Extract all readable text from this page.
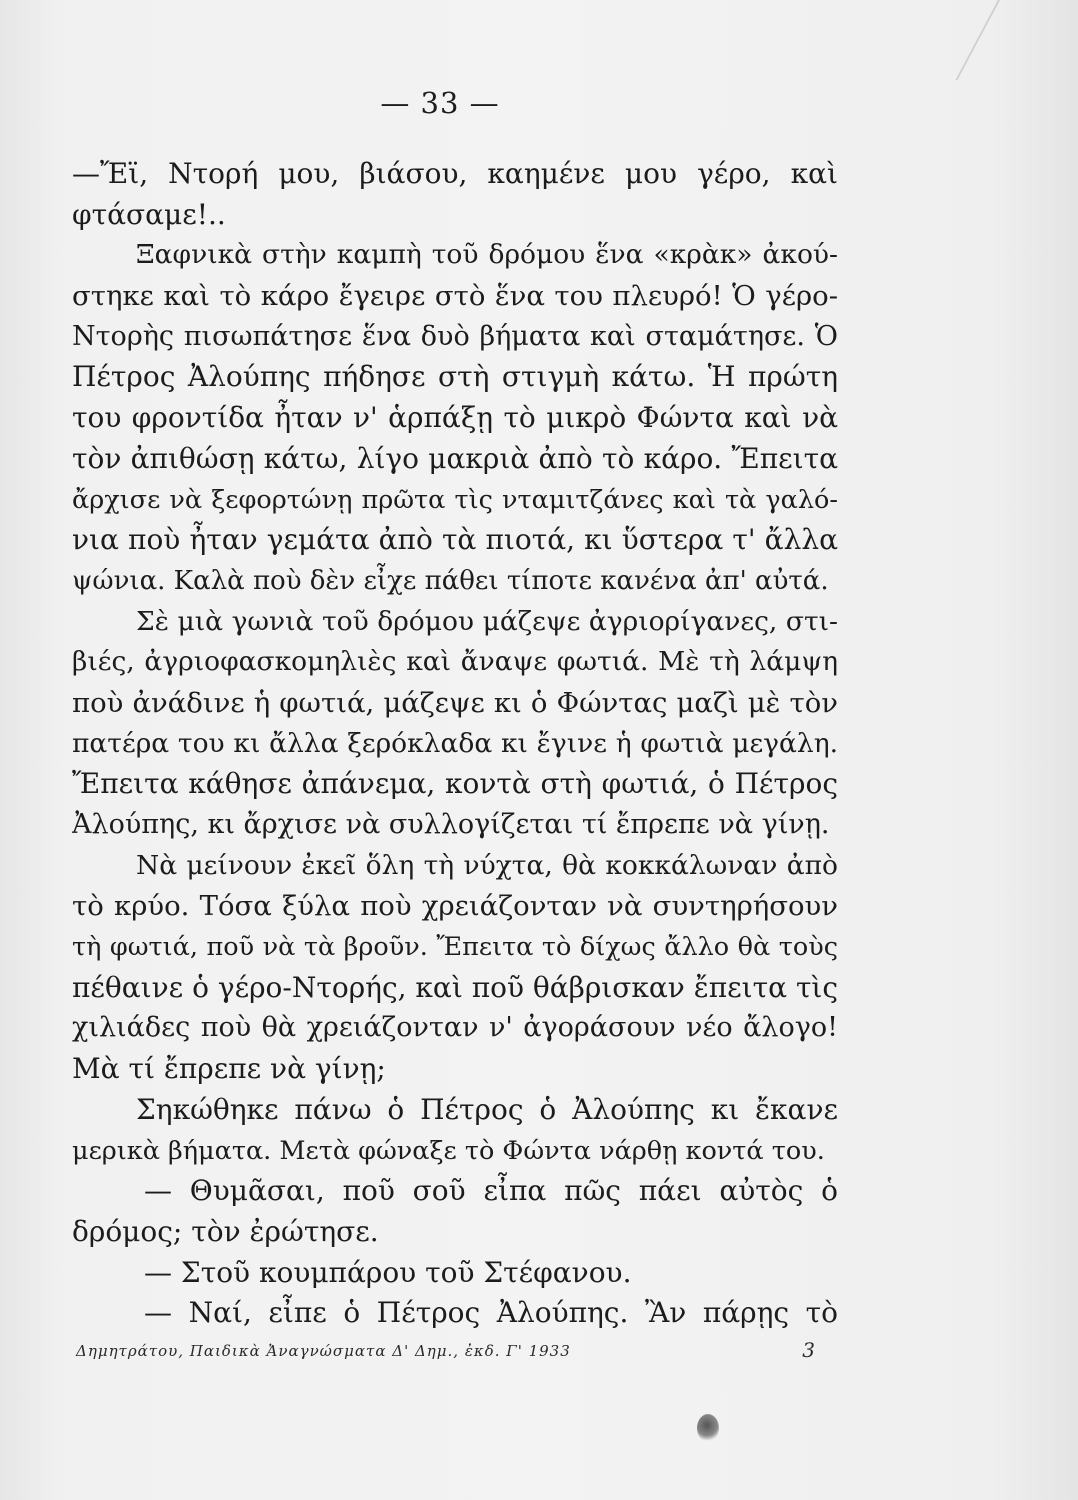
— 33 —
—Ἔϊ, Ντορή μου, βιάσου, καημένε μου γέρο, καὶ
φτάσαμε!..
Ξαφνικὰ στὴν καμπὴ τοῦ δρόμου ἕνα «κρὰκ» ἀκού-
στηκε καὶ τὸ κάρο ἔγειρε στὸ ἕνα του πλευρό! Ὁ γέρο-
Ντορὴς πισωπάτησε ἕνα δυὸ βήματα καὶ σταμάτησε. Ὁ
Πέτρος Ἀλούπης πήδησε στὴ στιγμὴ κάτω. Ἡ πρώτη
του φροντίδα ἦταν ν' ἁρπάξῃ τὸ μικρὸ Φώντα καὶ νὰ
τὸν ἀπιθώσῃ κάτω, λίγο μακριὰ ἀπὸ τὸ κάρο. Ἔπειτα
ἄρχισε νὰ ξεφορτώνῃ πρῶτα τὶς νταμιτζάνες καὶ τὰ γαλό-
νια ποὺ ἦταν γεμάτα ἀπὸ τὰ πιοτά, κι ὕστερα τ' ἄλλα
ψώνια. Καλὰ ποὺ δὲν εἶχε πάθει τίποτε κανένα ἀπ' αὐτά.
Σὲ μιὰ γωνιὰ τοῦ δρόμου μάζεψε ἀγριορίγανες, στι-
βιές, ἀγριοφασκομηλιὲς καὶ ἄναψε φωτιά. Μὲ τὴ λάμψη
ποὺ ἀνάδινε ἡ φωτιά, μάζεψε κι ὁ Φώντας μαζὶ μὲ τὸν
πατέρα του κι ἄλλα ξερόκλαδα κι ἔγινε ἡ φωτιὰ μεγάλη.
Ἔπειτα κάθησε ἀπάνεμα, κοντὰ στὴ φωτιά, ὁ Πέτρος
Ἀλούπης, κι ἄρχισε νὰ συλλογίζεται τί ἔπρεπε νὰ γίνῃ.
Νὰ μείνουν ἐκεῖ ὅλη τὴ νύχτα, θὰ κοκκάλωναν ἀπὸ
τὸ κρύο. Τόσα ξύλα ποὺ χρειάζονταν νὰ συντηρήσουν
τὴ φωτιά, ποῦ νὰ τὰ βροῦν. Ἔπειτα τὸ δίχως ἄλλο θὰ τοὺς
πέθαινε ὁ γέρο-Ντορής, καὶ ποῦ θάβρισκαν ἔπειτα τὶς
χιλιάδες ποὺ θὰ χρειάζονταν ν' ἀγοράσουν νέο ἄλογο!
Μὰ τί ἔπρεπε νὰ γίνῃ;
Σηκώθηκε πάνω ὁ Πέτρος ὁ Ἀλούπης κι ἔκανε
μερικὰ βήματα. Μετὰ φώναξε τὸ Φώντα νάρθῃ κοντά του.
— Θυμᾶσαι, ποῦ σοῦ εἶπα πῶς πάει αὐτὸς ὁ
δρόμος; τὸν ἐρώτησε.
— Στοῦ κουμπάρου τοῦ Στέφανου.
— Ναί, εἶπε ὁ Πέτρος Ἀλούπης. Ἂν πάρῃς τὸ
Δημητράτου, Παιδικὰ Ἀναγνώσματα Δ' Δημ., ἐκδ. Γ' 1933	3
